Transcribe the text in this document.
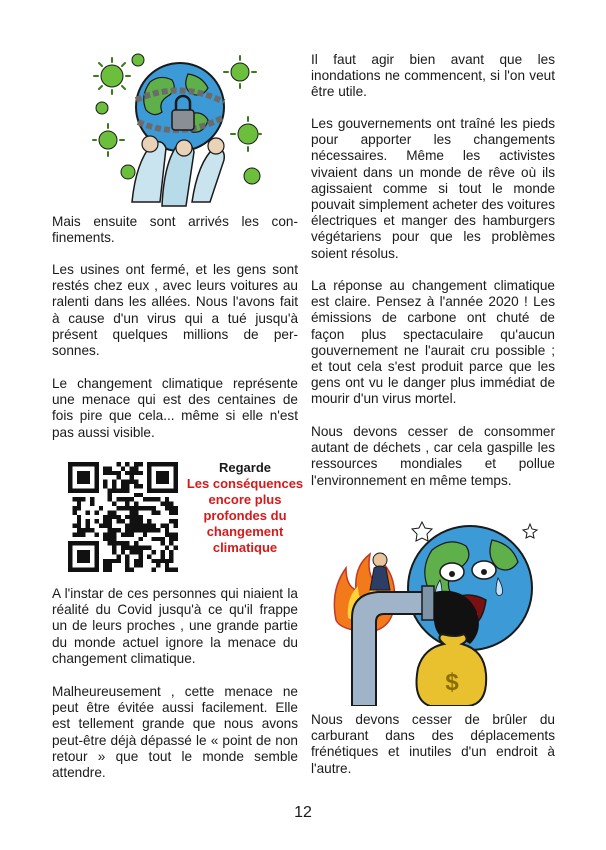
Mais ensuite sont arrivés les con-finements.

Les usines ont fermé, et les gens sont restés chez eux , avec leurs voitures au ralenti dans les allées. Nous l'avons fait à cause d'un virus qui a tué jusqu'à présent quelques millions de per-sonnes.

Le changement climatique représente une menace qui est des centaines de fois pire que cela... même si elle n'est pas aussi visible.

Regarde
Les conséquences encore plus profondes du changement climatique

A l'instar de ces personnes qui niaient la réalité du Covid jusqu'à ce qu'il frappe un de leurs proches , une grande partie du monde actuel ignore la menace du changement climatique.

Malheureusement , cette menace ne peut être évitée aussi facilement. Elle est tellement grande que nous avons peut-être déjà dépassé le « point de non retour » que tout le monde semble attendre.

Il faut agir bien avant que les inondations ne commencent, si l'on veut être utile.

Les gouvernements ont traîné les pieds pour apporter les changements nécessaires. Même les activistes vivaient dans un monde de rêve où ils agissaient comme si tout le monde pouvait simplement acheter des voitures électriques et manger des hamburgers végétariens pour que les problèmes soient résolus.

La réponse au changement climatique est claire. Pensez à l'année 2020 ! Les émissions de carbone ont chuté de façon plus spectaculaire qu'aucun gouvernement ne l'aurait cru possible ; et tout cela s'est produit parce que les gens ont vu le danger plus immédiat de mourir d'un virus mortel.

Nous devons cesser de consommer autant de déchets , car cela gaspille les ressources mondiales et pollue l'environnement en même temps.

Nous devons cesser de brûler du carburant dans des déplacements frénétiques et inutiles d'un endroit à l'autre.

$
12
